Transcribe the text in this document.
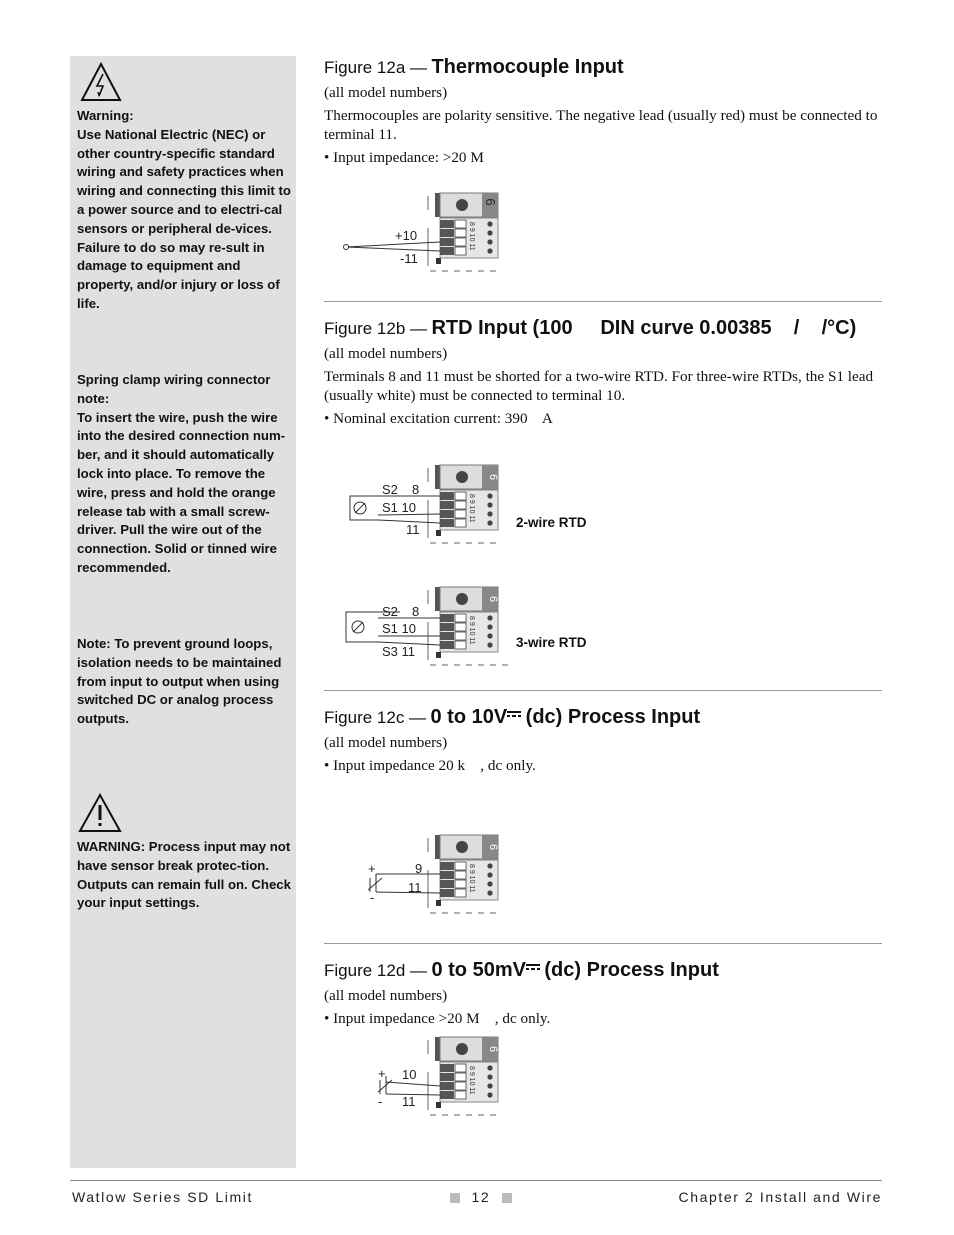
Warning:
Use National Electric (NEC) or other country-specific standard wiring and safety practices when wiring and connecting this limit to a power source and to electri-cal sensors or peripheral de-vices. Failure to do so may re-sult in damage to equipment and property, and/or injury or loss of life.
Spring clamp wiring connector note:
To insert the wire, push the wire into the desired connection num-ber, and it should automatically lock into place. To remove the wire, press and hold the orange release tab with a small screw-driver. Pull the wire out of the connection. Solid or tinned wire recommended.
Note: To prevent ground loops, isolation needs to be maintained from input to output when using switched DC or analog process outputs.
WARNING: Process input may not have sensor break protec-tion. Outputs can remain full on. Check your input settings.
Figure 12a — Thermocouple Input
(all model numbers)
Thermocouples are polarity sensitive. The negative lead (usually red) must be connected to terminal 11.
• Input impedance: >20 M
6
8 9 10 11
+10
-11
Figure 12b — RTD Input (100     DIN curve 0.00385    /    /°C)
(all model numbers)
Terminals 8 and 11 must be shorted for a two-wire RTD. For three-wire RTDs, the S1 lead (usually white) must be connected to terminal 10.
• Nominal excitation current: 390    A
6
8 9 10 11
S2 8
S1 10
11	2-wire RTD
6
8 9 10 11
S2 8
S1 10
S3 11
3-wire RTD
Figure 12c — 0 to 10V (dc) Process Input
(all model numbers)
• Input impedance 20 k    , dc only.
6
8 9 10 11
+	9
-
11
Figure 12d — 0 to 50mV (dc) Process Input
(all model numbers)
• Input impedance >20 M    , dc only.
6
8 9 10 11
+ 10
- 11
Watlow Series SD Limit	12	Chapter 2 Install and Wire
